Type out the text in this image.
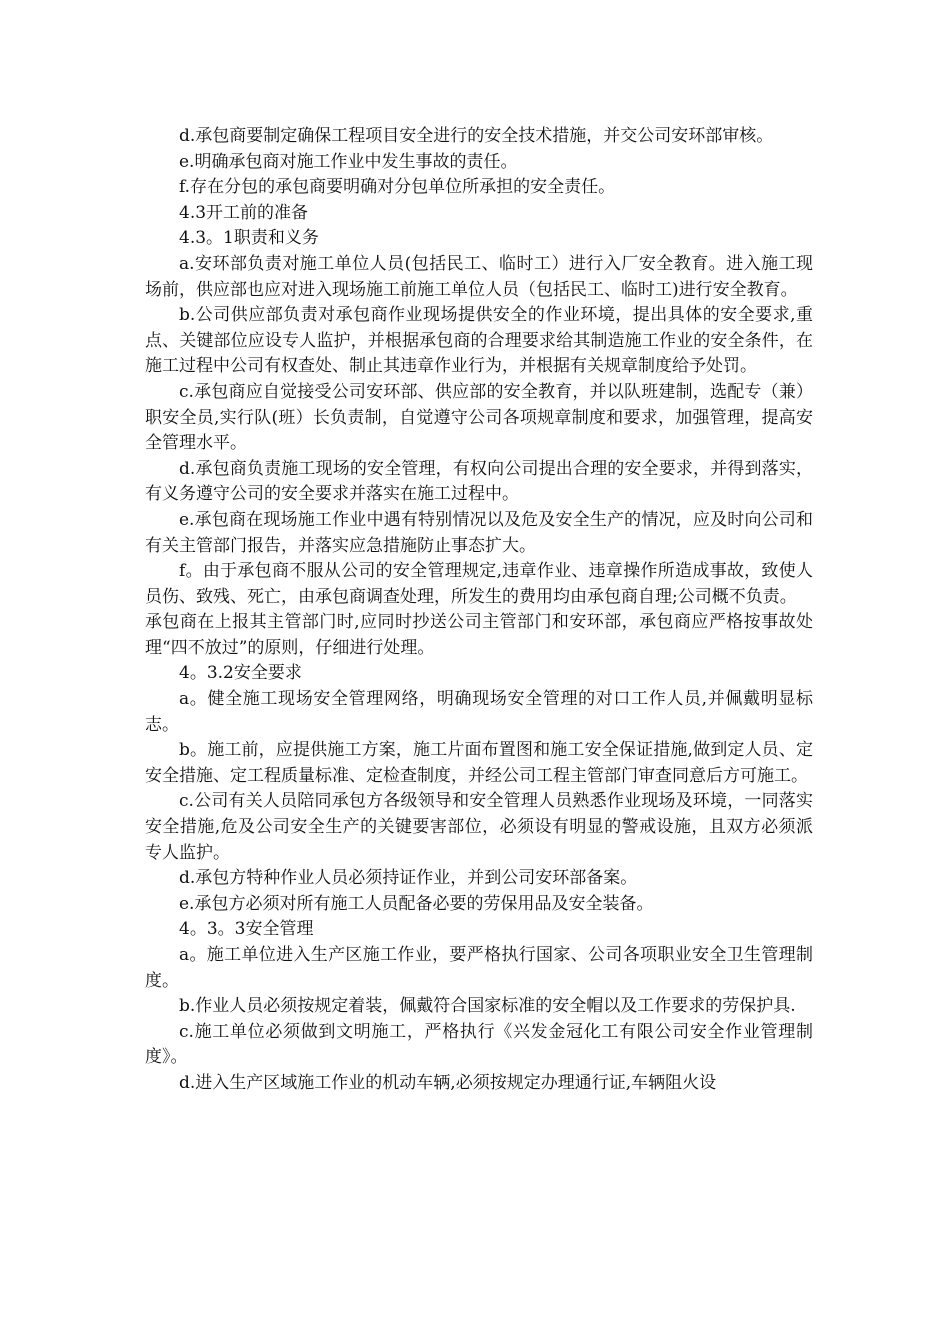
d.承包商要制定确保工程项目安全进行的安全技术措施，并交公司安环部审核。

e.明确承包商对施工作业中发生事故的责任。

f.存在分包的承包商要明确对分包单位所承担的安全责任。

4.3开工前的准备

4.3。1职责和义务

a.安环部负责对施工单位人员(包括民工、临时工）进行入厂安全教育。进入施工现场前，供应部也应对进入现场施工前施工单位人员（包括民工、临时工)进行安全教育。

b.公司供应部负责对承包商作业现场提供安全的作业环境，提出具体的安全要求,重点、关键部位应设专人监护，并根据承包商的合理要求给其制造施工作业的安全条件，在施工过程中公司有权查处、制止其违章作业行为，并根据有关规章制度给予处罚。

c.承包商应自觉接受公司安环部、供应部的安全教育，并以队班建制，选配专（兼）职安全员,实行队(班）长负责制，自觉遵守公司各项规章制度和要求，加强管理，提高安全管理水平。

d.承包商负责施工现场的安全管理，有权向公司提出合理的安全要求，并得到落实，有义务遵守公司的安全要求并落实在施工过程中。

e.承包商在现场施工作业中遇有特别情况以及危及安全生产的情况，应及时向公司和有关主管部门报告，并落实应急措施防止事态扩大。

f。由于承包商不服从公司的安全管理规定,违章作业、违章操作所造成事故，致使人员伤、致残、死亡，由承包商调查处理，所发生的费用均由承包商自理;公司概不负责。

承包商在上报其主管部门时,应同时抄送公司主管部门和安环部，承包商应严格按事故处理“四不放过”的原则，仔细进行处理。

4。3.2安全要求

a。健全施工现场安全管理网络，明确现场安全管理的对口工作人员,并佩戴明显标志。

b。施工前，应提供施工方案，施工片面布置图和施工安全保证措施,做到定人员、定安全措施、定工程质量标准、定检查制度，并经公司工程主管部门审查同意后方可施工。

c.公司有关人员陪同承包方各级领导和安全管理人员熟悉作业现场及环境，一同落实安全措施,危及公司安全生产的关键要害部位，必须设有明显的警戒设施，且双方必须派专人监护。

d.承包方特种作业人员必须持证作业，并到公司安环部备案。

e.承包方必须对所有施工人员配备必要的劳保用品及安全装备。

4。3。3安全管理

a。施工单位进入生产区施工作业，要严格执行国家、公司各项职业安全卫生管理制度。

b.作业人员必须按规定着装，佩戴符合国家标准的安全帽以及工作要求的劳保护具.

c.施工单位必须做到文明施工，严格执行《兴发金冠化工有限公司安全作业管理制度》。

d.进入生产区域施工作业的机动车辆,必须按规定办理通行证,车辆阻火设
